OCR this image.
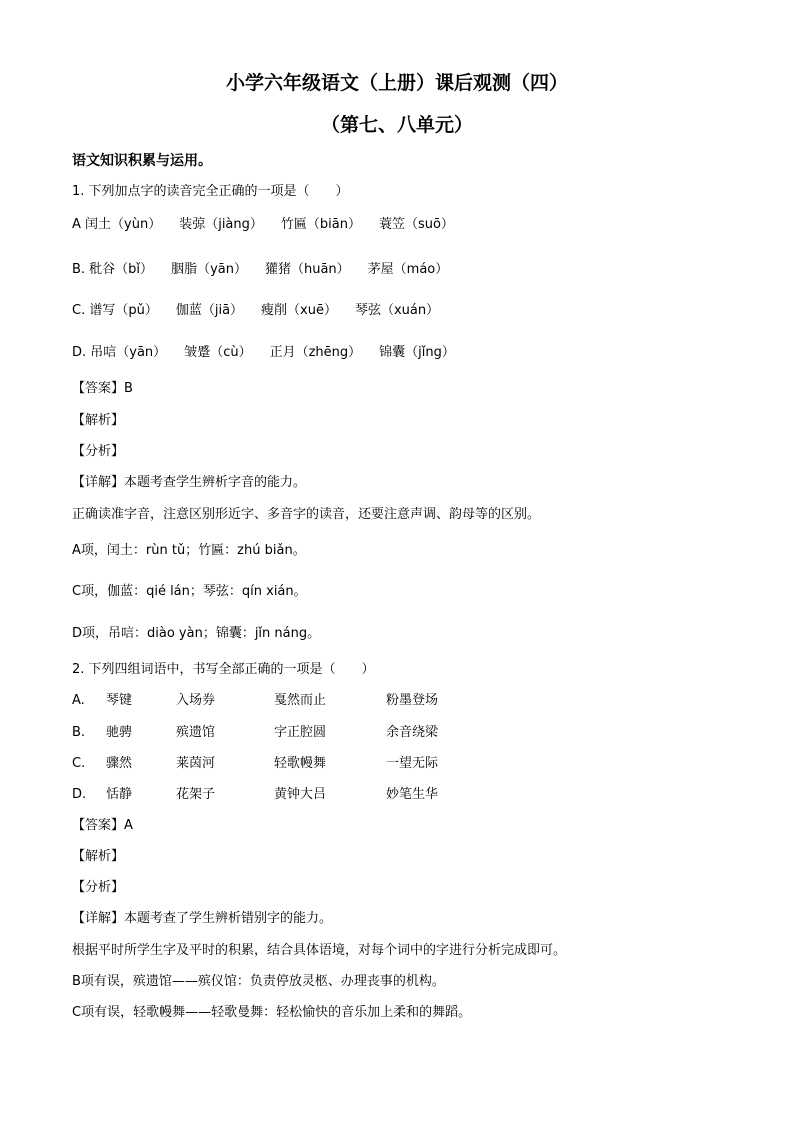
小学六年级语文（上册）课后观测（四）
（第七、八单元）
语文知识积累与运用。
1. 下列加点字的读音完全正确的一项是（　　）
A 闰土（yùn） 装弶（jiàng） 竹匾（biān） 蓑笠（suō）
B. 秕谷（bǐ） 胭脂（yān） 獾猪（huān） 茅屋（máo）
C. 谱写（pǔ） 伽蓝（jiā） 瘦削（xuē） 琴弦（xuán）
D. 吊唁（yān） 皱蹙（cù） 正月（zhēng） 锦囊（jǐng）
【答案】B
【解析】
【分析】
【详解】本题考查学生辨析字音的能力。
正确读准字音，注意区别形近字、多音字的读音，还要注意声调、韵母等的区别。
A项，闰土：rùn tǔ；竹匾：zhú biǎn。
C项，伽蓝：qié lán；琴弦：qín xián。
D项，吊唁：diào yàn；锦囊：jǐn náng。
2. 下列四组词语中，书写全部正确的一项是（　　）
A. 琴键	入场券	戛然而止	粉墨登场
B. 驰骋	殡遗馆	字正腔圆	余音绕梁
C. 骤然	莱茵河	轻歌幔舞	一望无际
D. 恬静	花架子	黄钟大吕	妙笔生华
【答案】A
【解析】
【分析】
【详解】本题考查了学生辨析错别字的能力。
根据平时所学生字及平时的积累，结合具体语境，对每个词中的字进行分析完成即可。
B项有误，殡遗馆——殡仪馆：负责停放灵柩、办理丧事的机构。
C项有误，轻歌幔舞——轻歌曼舞：轻松愉快的音乐加上柔和的舞蹈。
